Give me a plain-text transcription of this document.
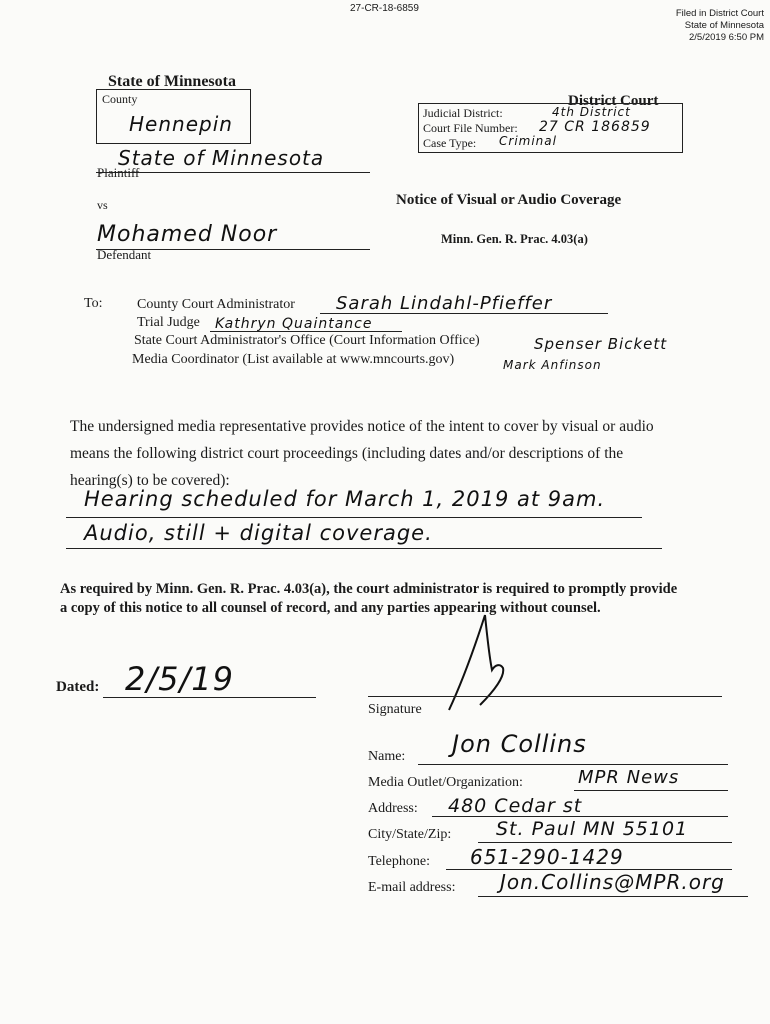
27-CR-18-6859	Filed in District Court
State of Minnesota
2/5/2019 6:50 PM
State of Minnesota
County
Hennepin
District Court
Judicial District:	4th District
Court File Number: 27 CR 186859
Case Type: Criminal
State of Minnesota
Plaintiff
vs	Notice of Visual or Audio Coverage
Minn. Gen. R. Prac. 4.03(a)
Mohamed Noor
Defendant
To: County Court Administrator Sarah Lindahl-Pfieffer
Trial Judge Kathryn Quaintance
State Court Administrator's Office (Court Information Office)	Spenser Bickett
Media Coordinator (List available at www.mncourts.gov)	Mark Anfinson
The undersigned media representative provides notice of the intent to cover by visual or audio means the following district court proceedings (including dates and/or descriptions of the hearing(s) to be covered):
Hearing scheduled for March 1, 2019 at 9am.
Audio, still + digital coverage.
As required by Minn. Gen. R. Prac. 4.03(a), the court administrator is required to promptly provide a copy of this notice to all counsel of record, and any parties appearing without counsel.
Dated: 2/5/19
Signature
Name: Jon Collins
Media Outlet/Organization:	MPR News
Address: 480 Cedar st
City/State/Zip: St. Paul MN 55101
Telephone: 651-290-1429
E-mail address: Jon.Collins@MPR.org
